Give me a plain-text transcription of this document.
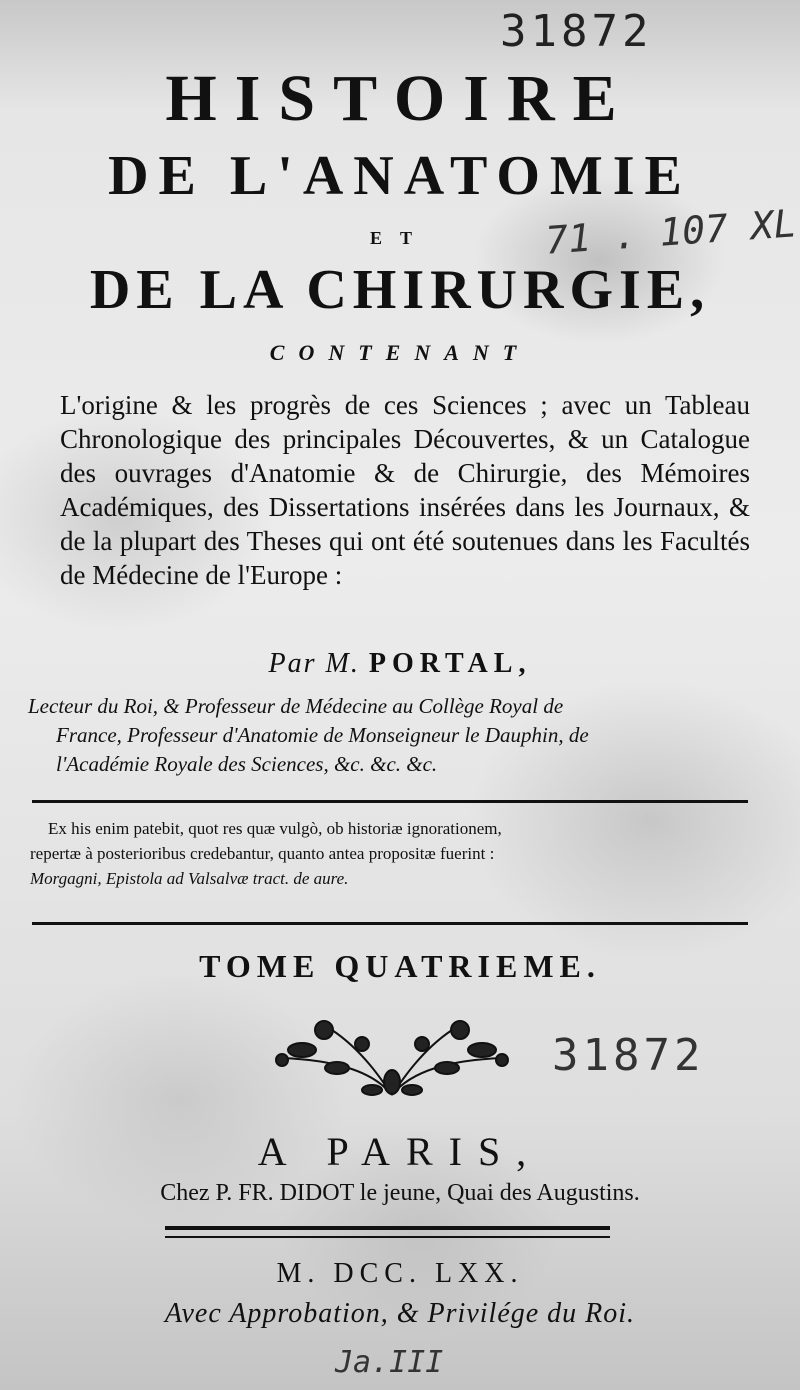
31872
HISTOIRE
DE L'ANATOMIE
ET
DE LA CHIRURGIE,
71 . 107 XL
CONTENANT
L'origine & les progrès de ces Sciences ; avec un Tableau Chronologique des principales Découvertes, & un Catalogue des ouvrages d'Anatomie & de Chirurgie, des Mémoires Académiques, des Dissertations insérées dans les Journaux, & de la plupart des Theses qui ont été soutenues dans les Facultés de Médecine de l'Europe :
Par M. PORTAL,
Lecteur du Roi, & Professeur de Médecine au Collège Royal de
France, Professeur d'Anatomie de Monseigneur le Dauphin, de
l'Académie Royale des Sciences, &c. &c. &c.
Ex his enim patebit, quot res quæ vulgò, ob historiæ ignorationem,
repertæ à posterioribus credebantur, quanto antea propositæ fuerint :
Morgagni, Epistola ad Valsalvæ tract. de aure.
TOME QUATRIEME.
31872
A PARIS,
Chez P. FR. DIDOT le jeune, Quai des Augustins.
M. DCC. LXX.
Avec Approbation, & Privilége du Roi.
Ja.III
